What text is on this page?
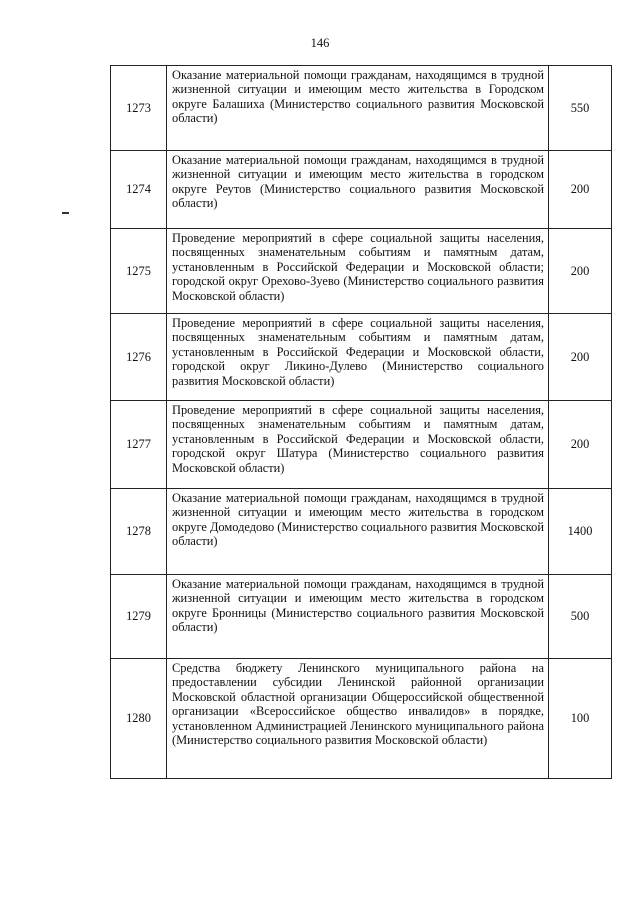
146
1273	Оказание материальной помощи гражданам, находящимся в трудной жизненной ситуации и имеющим место жительства в Городском округе Балашиха (Министерство социального развития Московской области)	550
1274	Оказание материальной помощи гражданам, находящимся в трудной жизненной ситуации и имеющим место жительства в городском округе Реутов (Министерство социального развития Московской области)	200
1275	Проведение мероприятий в сфере социальной защиты населения, посвященных знаменательным событиям и памятным датам, установленным в Российской Федерации и Московской области; городской округ Орехово-Зуево (Министерство социального развития Московской области)	200
1276	Проведение мероприятий в сфере социальной защиты населения, посвященных знаменательным событиям и памятным датам, установленным в Российской Федерации и Московской области, городской округ Ликино-Дулево (Министерство социального развития Московской области)	200
1277	Проведение мероприятий в сфере социальной защиты населения, посвященных знаменательным событиям и памятным датам, установленным в Российской Федерации и Московской области, городской округ Шатура (Министерство социального развития Московской области)	200
1278	Оказание материальной помощи гражданам, находящимся в трудной жизненной ситуации и имеющим место жительства в городском округе Домодедово (Министерство социального развития Московской области)	1400
1279	Оказание материальной помощи гражданам, находящимся в трудной жизненной ситуации и имеющим место жительства в городском округе Бронницы (Министерство социального развития Московской области)	500
1280	Средства бюджету Ленинского муниципального района на предоставлении субсидии Ленинской районной организации Московской областной организации Общероссийской общественной организации «Всероссийское общество инвалидов» в порядке, установленном Администрацией Ленинского муниципального района (Министерство социального развития Московской области)	100
